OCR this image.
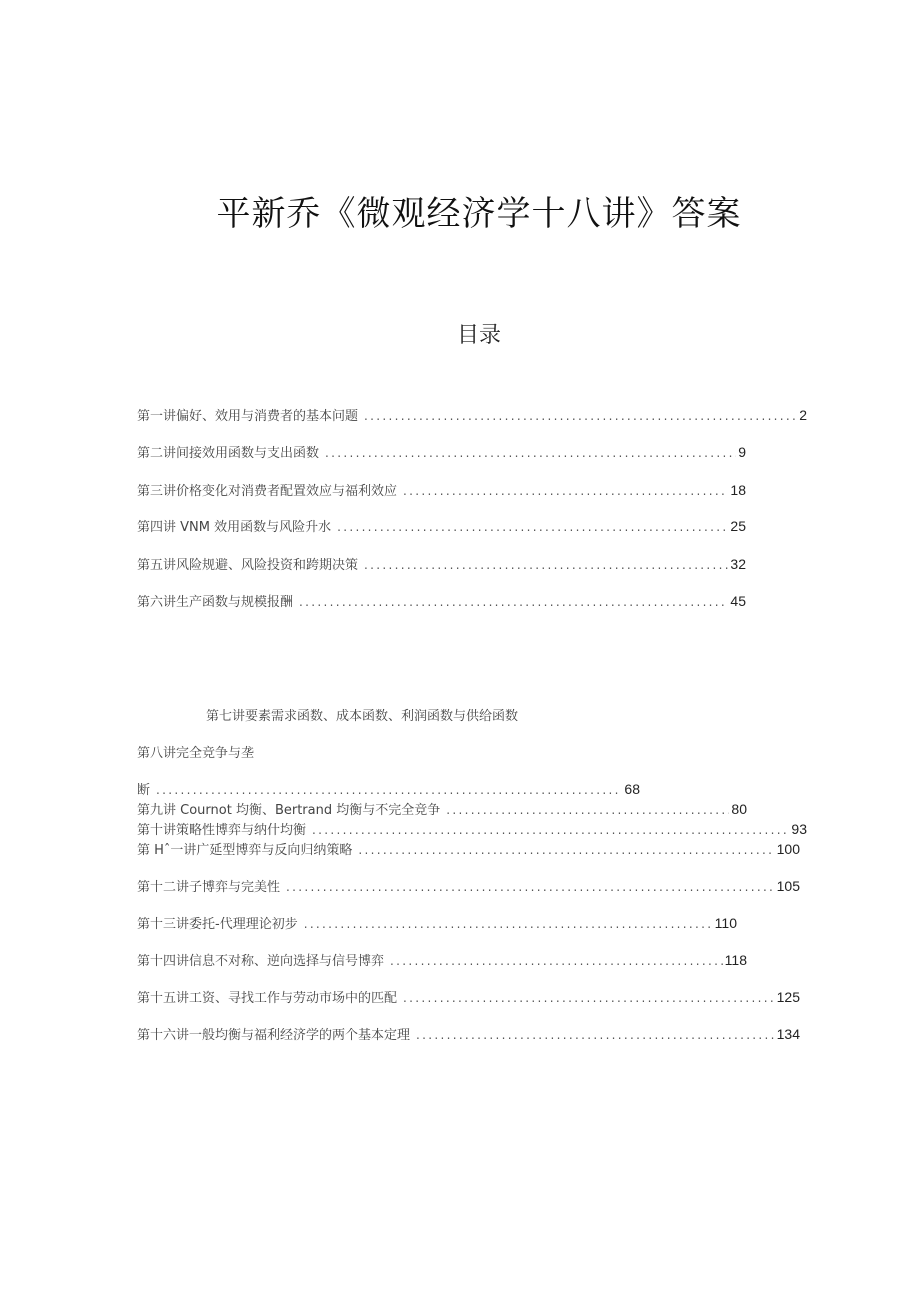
平新乔《微观经济学十八讲》答案
目录
第一讲偏好、效用与消费者的基本问题 .....	2
第二讲间接效用函数与支出函数 .....	9
第三讲价格变化对消费者配置效应与福利效应 .....	18
第四讲 VNM 效用函数与风险升水 .....	25
第五讲风险规避、风险投资和跨期决策 .....	32
第六讲生产函数与规模报酬 .....	45
第七讲要素需求函数、成本函数、利润函数与供给函数
第八讲完全竞争与垄
断 .....	68
第九讲 Cournot 均衡、Bertrand 均衡与不完全竞争 .....	80
第十讲策略性博弈与纳什均衡 .....	93
第 Hˆ一讲广延型博弈与反向归纳策略 .....	100
第十二讲子博弈与完美性 .....	105
第十三讲委托-代理理论初步 .....	110
第十四讲信息不对称、逆向选择与信号博弈 .....	118
第十五讲工资、寻找工作与劳动市场中的匹配 .....	125
第十六讲一般均衡与福利经济学的两个基本定理 .....	134
